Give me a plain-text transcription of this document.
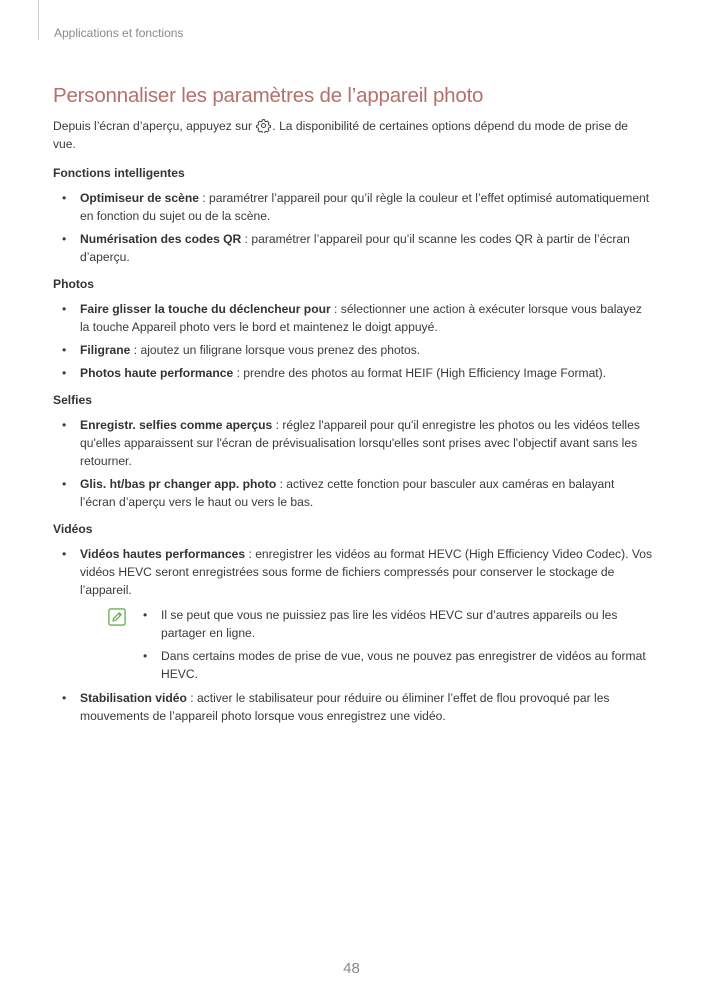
Applications et fonctions
Personnaliser les paramètres de l’appareil photo

Depuis l’écran d’aperçu, appuyez sur . La disponibilité de certaines options dépend du mode de prise de vue.

Fonctions intelligentes
• Optimiseur de scène : paramétrer l’appareil pour qu’il règle la couleur et l’effet optimisé automatiquement en fonction du sujet ou de la scène.
• Numérisation des codes QR : paramétrer l’appareil pour qu’il scanne les codes QR à partir de l’écran d’aperçu.
Photos
• Faire glisser la touche du déclencheur pour : sélectionner une action à exécuter lorsque vous balayez la touche Appareil photo vers le bord et maintenez le doigt appuyé.
• Filigrane : ajoutez un filigrane lorsque vous prenez des photos.
• Photos haute performance : prendre des photos au format HEIF (High Efficiency Image Format).
Selfies
• Enregistr. selfies comme aperçus : réglez l'appareil pour qu'il enregistre les photos ou les vidéos telles qu'elles apparaissent sur l'écran de prévisualisation lorsqu'elles sont prises avec l'objectif avant sans les retourner.
• Glis. ht/bas pr changer app. photo : activez cette fonction pour basculer aux caméras en balayant l’écran d’aperçu vers le haut ou vers le bas.
Vidéos
• Vidéos hautes performances : enregistrer les vidéos au format HEVC (High Efficiency Video Codec). Vos vidéos HEVC seront enregistrées sous forme de fichiers compressés pour conserver le stockage de l’appareil.
• Il se peut que vous ne puissiez pas lire les vidéos HEVC sur d’autres appareils ou les partager en ligne.
• Dans certains modes de prise de vue, vous ne pouvez pas enregistrer de vidéos au format HEVC.
• Stabilisation vidéo : activer le stabilisateur pour réduire ou éliminer l’effet de flou provoqué par les mouvements de l’appareil photo lorsque vous enregistrez une vidéo.
48
